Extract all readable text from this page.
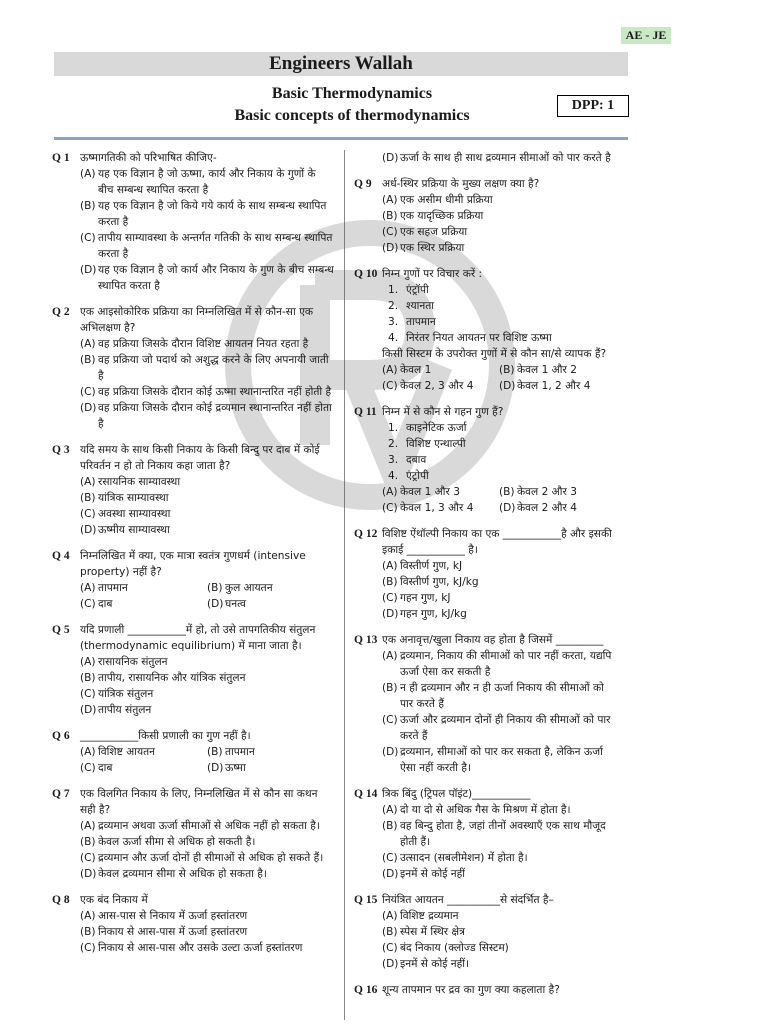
AE - JE
Engineers Wallah
Basic Thermodynamics
Basic concepts of thermodynamics
DPP: 1
Q 1 ऊष्मागतिकी को परिभाषित कीजिए-
(A) यह एक विज्ञान है जो ऊष्मा, कार्य और निकाय के गुणों के बीच सम्बन्ध स्थापित करता है
(B) यह एक विज्ञान है जो किये गये कार्य के साथ सम्बन्ध स्थापित करता है
(C) तापीय साम्यावस्था के अन्तर्गत गतिकी के साथ सम्बन्ध स्थापित करता है
(D) यह एक विज्ञान है जो कार्य और निकाय के गुण के बीच सम्बन्ध स्थापित करता है
Q 2 एक आइसोकोरिक प्रक्रिया का निम्नलिखित में से कौन-सा एक अभिलक्षण है?
(A) वह प्रक्रिया जिसके दौरान विशिष्ट आयतन नियत रहता है
(B) वह प्रक्रिया जो पदार्थ को अशुद्ध करने के लिए अपनायी जाती है
(C) वह प्रक्रिया जिसके दौरान कोई ऊष्मा स्थानान्तरित नहीं होती है
(D) वह प्रक्रिया जिसके दौरान कोई द्रव्यमान स्थानान्तरित नहीं होता है
Q 3 यदि समय के साथ किसी निकाय के किसी बिन्दु पर दाब में कोई परिवर्तन न हो तो निकाय कहा जाता है?
(A) रसायनिक साम्यावस्था
(B) यांत्रिक साम्यावस्था
(C) अवस्था साम्यावस्था
(D) ऊष्मीय साम्यावस्था
Q 4 निम्नलिखित में क्या, एक मात्रा स्वतंत्र गुणधर्म (intensive property) नहीं है?
(A) तापमान	(B) कुल आयतन
(C) दाब	(D) घनत्व
Q 5 यदि प्रणाली ___________में हो, तो उसे तापगतिकीय संतुलन (thermodynamic equilibrium) में माना जाता है।
(A) रासायनिक संतुलन
(B) तापीय, रासायनिक और यांत्रिक संतुलन
(C) यांत्रिक संतुलन
(D) तापीय संतुलन
Q 6 ___________किसी प्रणाली का गुण नहीं है।
(A) विशिष्ट आयतन	(B) तापमान
(C) दाब	(D) ऊष्मा
Q 7 एक विलगित निकाय के लिए, निम्नलिखित में से कौन सा कथन सही है?
(A) द्रव्यमान अथवा ऊर्जा सीमाओं से अधिक नहीं हो सकता है।
(B) केवल ऊर्जा सीमा से अधिक हो सकती है।
(C) द्रव्यमान और ऊर्जा दोनों ही सीमाओं से अधिक हो सकते हैं।
(D) केवल द्रव्यमान सीमा से अधिक हो सकता है।
Q 8 एक बंद निकाय में
(A) आस-पास से निकाय में ऊर्जा हस्तांतरण
(B) निकाय से आस-पास में ऊर्जा हस्तांतरण
(C) निकाय से आस-पास और उसके उल्टा ऊर्जा हस्तांतरण
(D) ऊर्जा के साथ ही साथ द्रव्यमान सीमाओं को पार करते है
Q 9 अर्ध-स्थिर प्रक्रिया के मुख्य लक्षण क्या है?
(A) एक असीम धीमी प्रक्रिया
(B) एक यादृच्छिक प्रक्रिया
(C) एक सहज प्रक्रिया
(D) एक स्थिर प्रक्रिया
Q 10 निम्न गुणों पर विचार करें :
1. एंट्रॉपी
2. श्यानता
3. तापमान
4. निरंतर नियत आयतन पर विशिष्ट ऊष्मा
किसी सिस्टम के उपरोक्त गुणों में से कौन सा/से व्यापक हैं?
(A) केवल 1	(B) केवल 1 और 2
(C) केवल 2, 3 और 4	(D) केवल 1, 2 और 4
Q 11 निम्न में से कौन से गहन गुण हैं?
1. काइनेटिक ऊर्जा
2. विशिष्ट एन्थाल्पी
3. दबाव
4. एंट्रोपी
(A) केवल 1 और 3	(B) केवल 2 और 3
(C) केवल 1, 3 और 4	(D) केवल 2 और 4
Q 12 विशिष्ट ऐंथॉल्पी निकाय का एक ___________है और इसकी इकाई ___________ है।
(A) विस्तीर्ण गुण, kJ
(B) विस्तीर्ण गुण, kJ/kg
(C) गहन गुण, kJ
(D) गहन गुण, kJ/kg
Q 13 एक अनावृत्त/खुला निकाय वह होता है जिसमें _________
(A) द्रव्यमान, निकाय की सीमाओं को पार नहीं करता, यद्यपि ऊर्जा ऐसा कर सकती है
(B) न ही द्रव्यमान और न ही ऊर्जा निकाय की सीमाओं को पार करते हैं
(C) ऊर्जा और द्रव्यमान दोनों ही निकाय की सीमाओं को पार करते हैं
(D) द्रव्यमान, सीमाओं को पार कर सकता है, लेकिन ऊर्जा ऐसा नहीं करती है।
Q 14 त्रिक बिंदु (ट्रिपल पॉइंट)___________
(A) दो या दो से अधिक गैस के मिश्रण में होता है।
(B) वह बिन्दु होता है, जहां तीनों अवस्थाएँ एक साथ मौजूद होती हैं।
(C) उत्सादन (सबलीमेशन) में होता है।
(D) इनमें से कोई नहीं
Q 15 नियंत्रित आयतन __________से संदर्भित है–
(A) विशिष्ट द्रव्यमान
(B) स्पेस में स्थिर क्षेत्र
(C) बंद निकाय (क्लोज्ड सिस्टम)
(D) इनमें से कोई नहीं।
Q 16 शून्य तापमान पर द्रव का गुण क्या कहलाता है?
